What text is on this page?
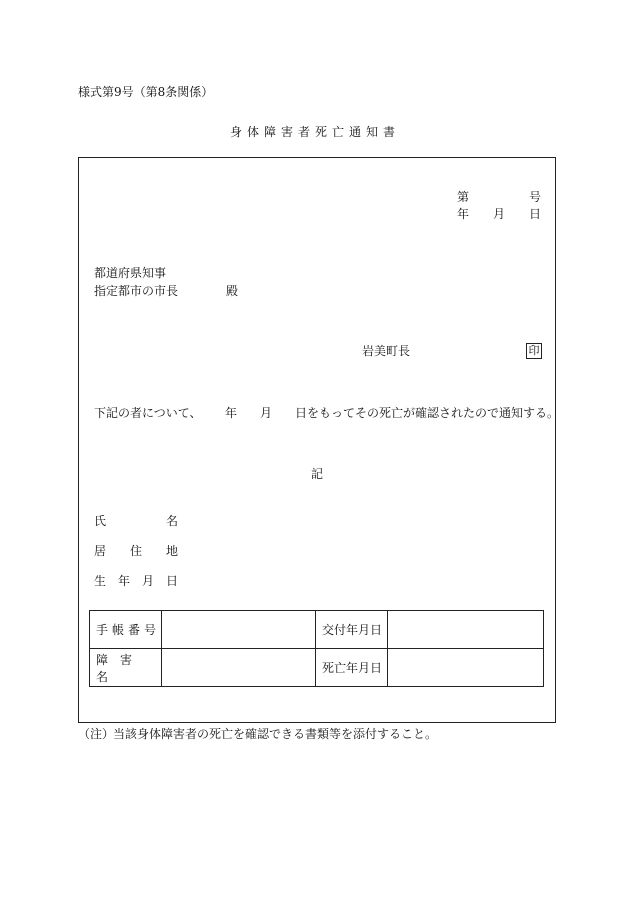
様式第9号（第8条関係）
身体障害者死亡通知書
第	号
年 月 日
都道府県知事
指定都市の市長	殿
岩美町長	印
下記の者について、 年 月 日をもってその死亡が確認されたので通知する。
記
氏	名
居 住 地
生 年 月 日
手帳番号		交付年月日	
障害名		死亡年月日	
（注）
当該身体障害者の死亡を確認できる書類等を添付すること。
